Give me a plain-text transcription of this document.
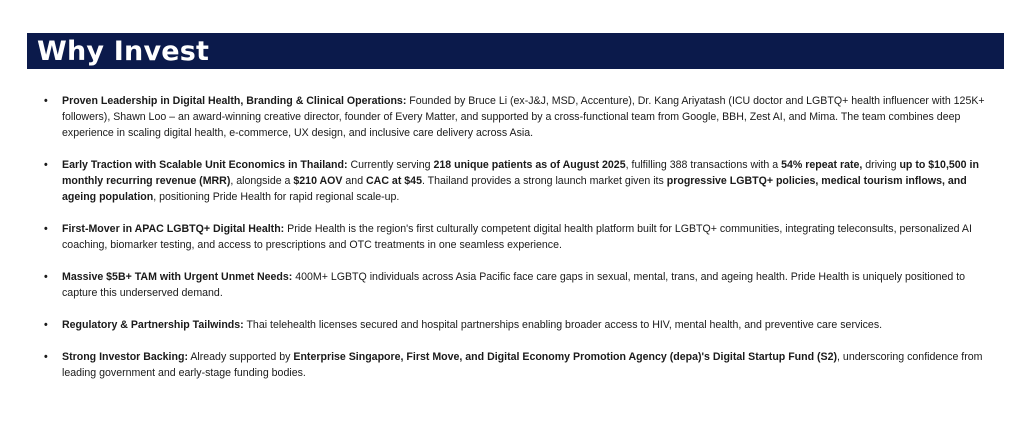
Why Invest
• Proven Leadership in Digital Health, Branding & Clinical Operations: Founded by Bruce Li (ex-J&J, MSD, Accenture), Dr. Kang Ariyatash (ICU doctor and LGBTQ+ health influencer with 125K+ followers), Shawn Loo – an award-winning creative director, founder of Every Matter, and supported by a cross-functional team from Google, BBH, Zest AI, and Mima. The team combines deep experience in scaling digital health, e-commerce, UX design, and inclusive care delivery across Asia.
• Early Traction with Scalable Unit Economics in Thailand: Currently serving 218 unique patients as of August 2025, fulfilling 388 transactions with a 54% repeat rate, driving up to $10,500 in monthly recurring revenue (MRR), alongside a $210 AOV and CAC at $45. Thailand provides a strong launch market given its progressive LGBTQ+ policies, medical tourism inflows, and ageing population, positioning Pride Health for rapid regional scale-up.
• First-Mover in APAC LGBTQ+ Digital Health: Pride Health is the region's first culturally competent digital health platform built for LGBTQ+ communities, integrating teleconsults, personalized AI coaching, biomarker testing, and access to prescriptions and OTC treatments in one seamless experience.
• Massive $5B+ TAM with Urgent Unmet Needs: 400M+ LGBTQ individuals across Asia Pacific face care gaps in sexual, mental, trans, and ageing health. Pride Health is uniquely positioned to capture this underserved demand.
• Regulatory & Partnership Tailwinds: Thai telehealth licenses secured and hospital partnerships enabling broader access to HIV, mental health, and preventive care services.
• Strong Investor Backing: Already supported by Enterprise Singapore, First Move, and Digital Economy Promotion Agency (depa)'s Digital Startup Fund (S2), underscoring confidence from leading government and early-stage funding bodies.
